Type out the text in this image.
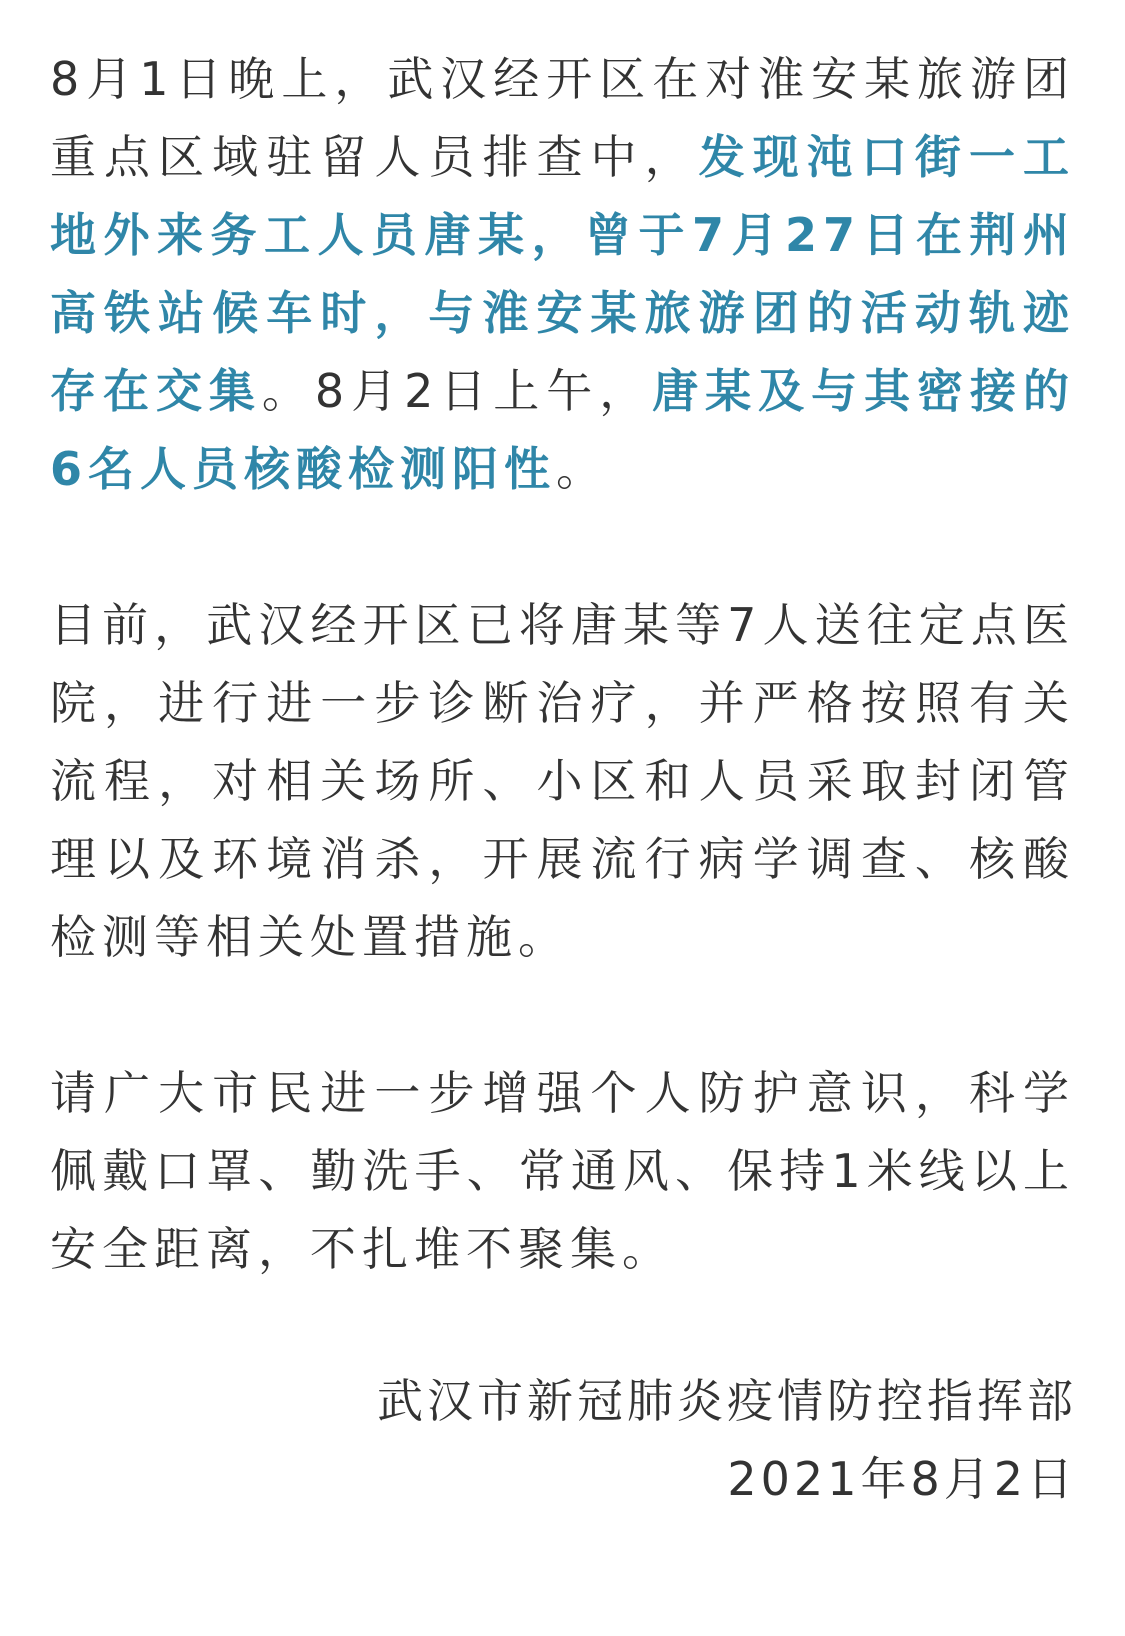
8月1日晚上，武汉经开区在对淮安某旅游团重点区域驻留人员排查中，发现沌口街一工地外来务工人员唐某，曾于7月27日在荆州高铁站候车时，与淮安某旅游团的活动轨迹存在交集。8月2日上午，唐某及与其密接的6名人员核酸检测阳性。

目前，武汉经开区已将唐某等7人送往定点医院，进行进一步诊断治疗，并严格按照有关流程，对相关场所、小区和人员采取封闭管理以及环境消杀，开展流行病学调查、核酸检测等相关处置措施。

请广大市民进一步增强个人防护意识，科学佩戴口罩、勤洗手、常通风、保持1米线以上安全距离，不扎堆不聚集。

武汉市新冠肺炎疫情防控指挥部
2021年8月2日
